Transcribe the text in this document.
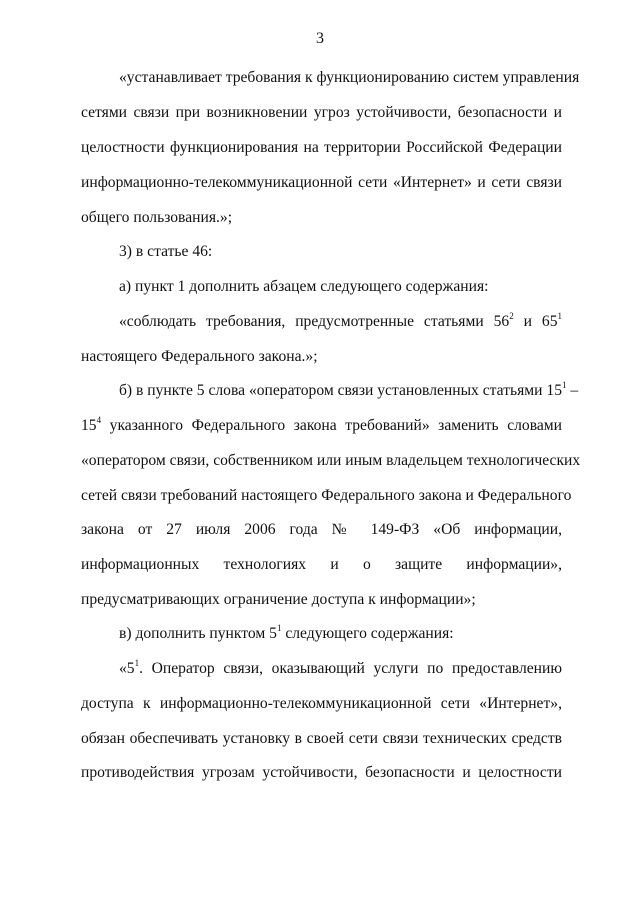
3
«устанавливает требования к функционированию систем управления
сетями связи при возникновении угроз устойчивости, безопасности и
целостности функционирования на территории Российской Федерации
информационно-телекоммуникационной сети «Интернет» и сети связи
общего пользования.»;
3) в статье 46:
а) пункт 1 дополнить абзацем следующего содержания:
«соблюдать требования, предусмотренные статьями $56^2$ и $65^1$
настоящего Федерального закона.»;
б) в пункте 5 слова «оператором связи установленных статьями $15^1$ –
$15^4$ указанного Федерального закона требований» заменить словами
«оператором связи, собственником или иным владельцем технологических
сетей связи требований настоящего Федерального закона и Федерального
закона от 27 июля 2006 года № 149-ФЗ «Об информации,
информационных технологиях и о защите информации»,
предусматривающих ограничение доступа к информации»;
в) дополнить пунктом $5^1$ следующего содержания:
«$5^1$. Оператор связи, оказывающий услуги по предоставлению
доступа к информационно-телекоммуникационной сети «Интернет»,
обязан обеспечивать установку в своей сети связи технических средств
противодействия угрозам устойчивости, безопасности и целостности
